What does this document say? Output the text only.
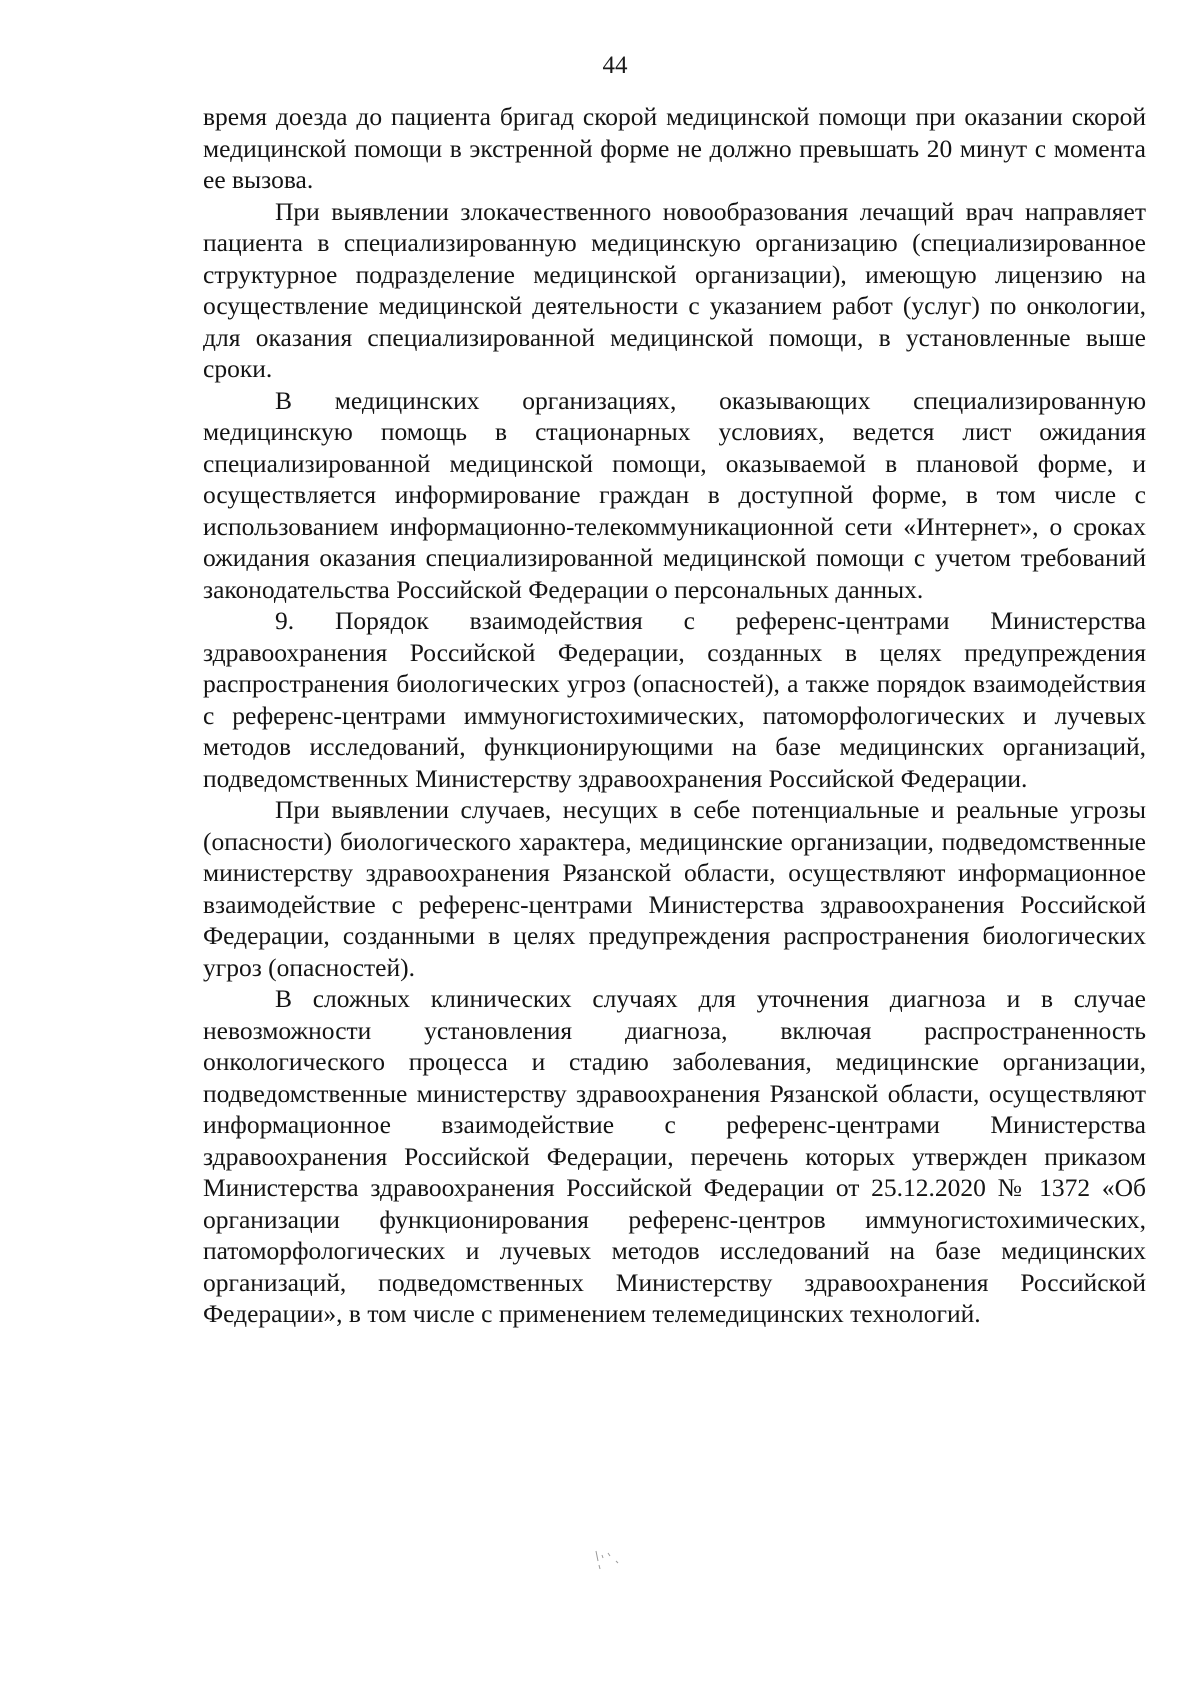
44

время доезда до пациента бригад скорой медицинской помощи при оказании скорой медицинской помощи в экстренной форме не должно превышать 20 минут с момента ее вызова.

При выявлении злокачественного новообразования лечащий врач направляет пациента в специализированную медицинскую организацию (специализированное структурное подразделение медицинской организации), имеющую лицензию на осуществление медицинской деятельности с указанием работ (услуг) по онкологии, для оказания специализированной медицинской помощи, в установленные выше сроки.

В медицинских организациях, оказывающих специализированную медицинскую помощь в стационарных условиях, ведется лист ожидания специализированной медицинской помощи, оказываемой в плановой форме, и осуществляется информирование граждан в доступной форме, в том числе с использованием информационно-телекоммуникационной сети «Интернет», о сроках ожидания оказания специализированной медицинской помощи с учетом требований законодательства Российской Федерации о персональных данных.

9. Порядок взаимодействия с референс-центрами Министерства здравоохранения Российской Федерации, созданных в целях предупреждения распространения биологических угроз (опасностей), а также порядок взаимодействия с референс-центрами иммуногистохимических, патоморфологических и лучевых методов исследований, функционирующими на базе медицинских организаций, подведомственных Министерству здравоохранения Российской Федерации.

При выявлении случаев, несущих в себе потенциальные и реальные угрозы (опасности) биологического характера, медицинские организации, подведомственные министерству здравоохранения Рязанской области, осуществляют информационное взаимодействие с референс-центрами Министерства здравоохранения Российской Федерации, созданными в целях предупреждения распространения биологических угроз (опасностей).

В сложных клинических случаях для уточнения диагноза и в случае невозможности установления диагноза, включая распространенность онкологического процесса и стадию заболевания, медицинские организации, подведомственные министерству здравоохранения Рязанской области, осуществляют информационное взаимодействие с референс-центрами Министерства здравоохранения Российской Федерации, перечень которых утвержден приказом Министерства здравоохранения Российской Федерации от 25.12.2020 № 1372 «Об организации функционирования референс-центров иммуногистохимических, патоморфологических и лучевых методов исследований на базе медицинских организаций, подведомственных Министерству здравоохранения Российской Федерации», в том числе с применением телемедицинских технологий.
